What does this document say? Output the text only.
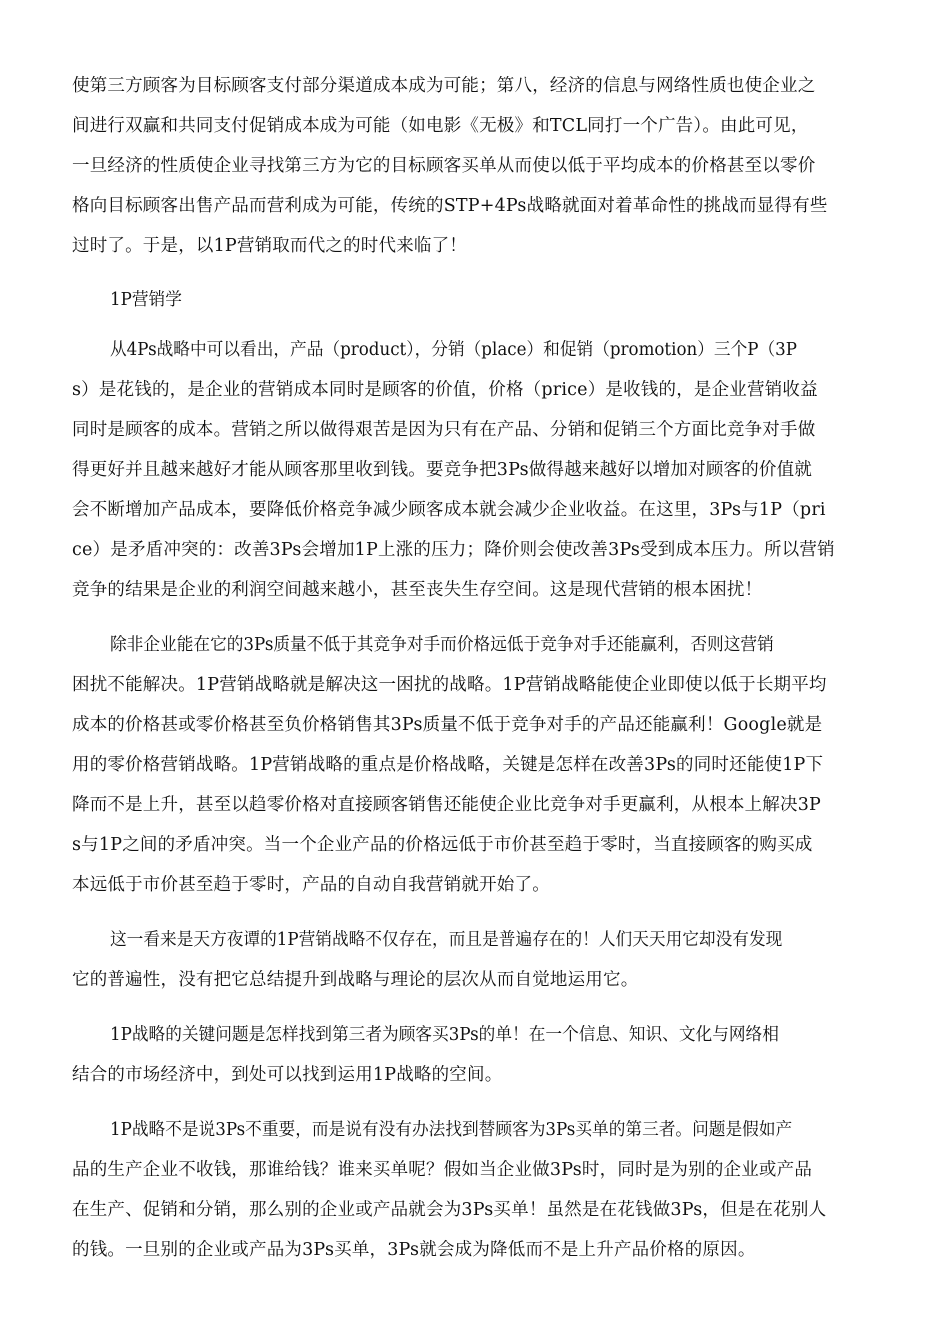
使第三方顾客为目标顾客支付部分渠道成本成为可能；第八，经济的信息与网络性质也使企业之
间进行双赢和共同支付促销成本成为可能（如电影《无极》和TCL同打一个广告）。由此可见，
一旦经济的性质使企业寻找第三方为它的目标顾客买单从而使以低于平均成本的价格甚至以零价
格向目标顾客出售产品而营利成为可能，传统的STP+4Ps战略就面对着革命性的挑战而显得有些
过时了。于是，以1P营销取而代之的时代来临了！
1P营销学
从4Ps战略中可以看出，产品（product），分销（place）和促销（promotion）三个P（3P
s）是花钱的，是企业的营销成本同时是顾客的价值，价格（price）是收钱的，是企业营销收益
同时是顾客的成本。营销之所以做得艰苦是因为只有在产品、分销和促销三个方面比竞争对手做
得更好并且越来越好才能从顾客那里收到钱。要竞争把3Ps做得越来越好以增加对顾客的价值就
会不断增加产品成本，要降低价格竞争减少顾客成本就会减少企业收益。在这里，3Ps与1P（pri
ce）是矛盾冲突的：改善3Ps会增加1P上涨的压力；降价则会使改善3Ps受到成本压力。所以营销
竞争的结果是企业的利润空间越来越小，甚至丧失生存空间。这是现代营销的根本困扰！
除非企业能在它的3Ps质量不低于其竞争对手而价格远低于竞争对手还能赢利，否则这营销
困扰不能解决。1P营销战略就是解决这一困扰的战略。1P营销战略能使企业即使以低于长期平均
成本的价格甚或零价格甚至负价格销售其3Ps质量不低于竞争对手的产品还能赢利！Google就是
用的零价格营销战略。1P营销战略的重点是价格战略，关键是怎样在改善3Ps的同时还能使1P下
降而不是上升，甚至以趋零价格对直接顾客销售还能使企业比竞争对手更赢利，从根本上解决3P
s与1P之间的矛盾冲突。当一个企业产品的价格远低于市价甚至趋于零时，当直接顾客的购买成
本远低于市价甚至趋于零时，产品的自动自我营销就开始了。
这一看来是天方夜谭的1P营销战略不仅存在，而且是普遍存在的！人们天天用它却没有发现
它的普遍性，没有把它总结提升到战略与理论的层次从而自觉地运用它。
1P战略的关键问题是怎样找到第三者为顾客买3Ps的单！在一个信息、知识、文化与网络相
结合的市场经济中，到处可以找到运用1P战略的空间。
1P战略不是说3Ps不重要，而是说有没有办法找到替顾客为3Ps买单的第三者。问题是假如产
品的生产企业不收钱，那谁给钱？谁来买单呢？假如当企业做3Ps时，同时是为别的企业或产品
在生产、促销和分销，那么别的企业或产品就会为3Ps买单！虽然是在花钱做3Ps，但是在花别人
的钱。一旦别的企业或产品为3Ps买单，3Ps就会成为降低而不是上升产品价格的原因。
